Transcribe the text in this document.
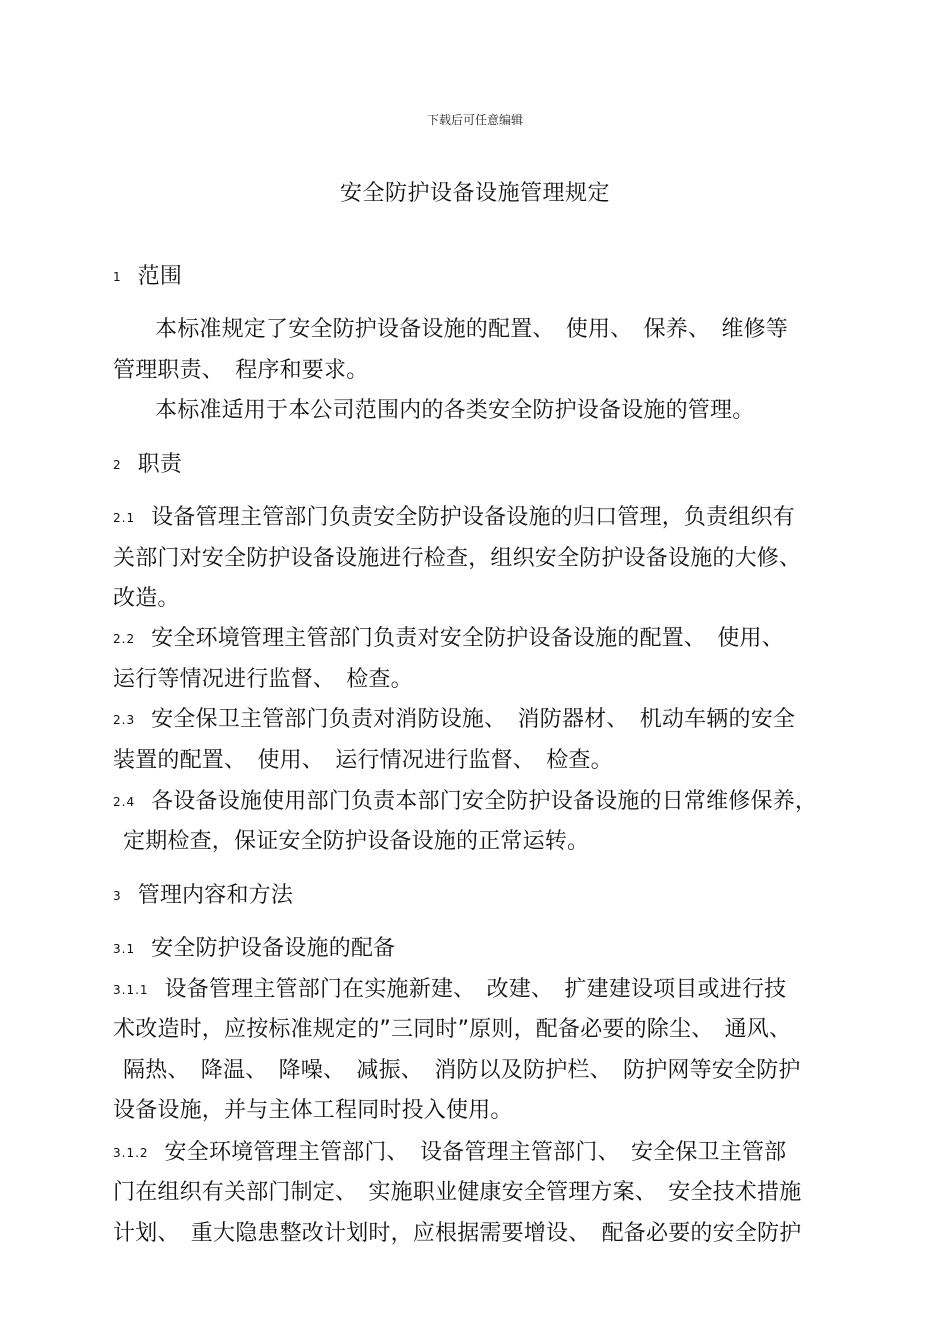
下载后可任意编辑
安全防护设备设施管理规定
1 范围
本标准规定了安全防护设备设施的配置、　使用、　保养、　维修等
管理职责、　程序和要求。
本标准适用于本公司范围内的各类安全防护设备设施的管理。
2 职责
2.1 设备管理主管部门负责安全防护设备设施的归口管理，负责组织有
关部门对安全防护设备设施进行检查，组织安全防护设备设施的大修、
改造。
2.2 安全环境管理主管部门负责对安全防护设备设施的配置、　使用、
运行等情况进行监督、　检查。
2.3 安全保卫主管部门负责对消防设施、　消防器材、　机动车辆的安全
装置的配置、　使用、　运行情况进行监督、　检查。
2.4 各设备设施使用部门负责本部门安全防护设备设施的日常维修保养，
定期检查，保证安全防护设备设施的正常运转。
3 管理内容和方法
3.1 安全防护设备设施的配备
3.1.1 设备管理主管部门在实施新建、　改建、　扩建建设项目或进行技
术改造时，应按标准规定的”三同时”原则，配备必要的除尘、　通风、
隔热、　降温、　降噪、　减振、　消防以及防护栏、　防护网等安全防护
设备设施，并与主体工程同时投入使用。
3.1.2 安全环境管理主管部门、　设备管理主管部门、　安全保卫主管部
门在组织有关部门制定、　实施职业健康安全管理方案、　安全技术措施
计划、　重大隐患整改计划时，应根据需要增设、　配备必要的安全防护
